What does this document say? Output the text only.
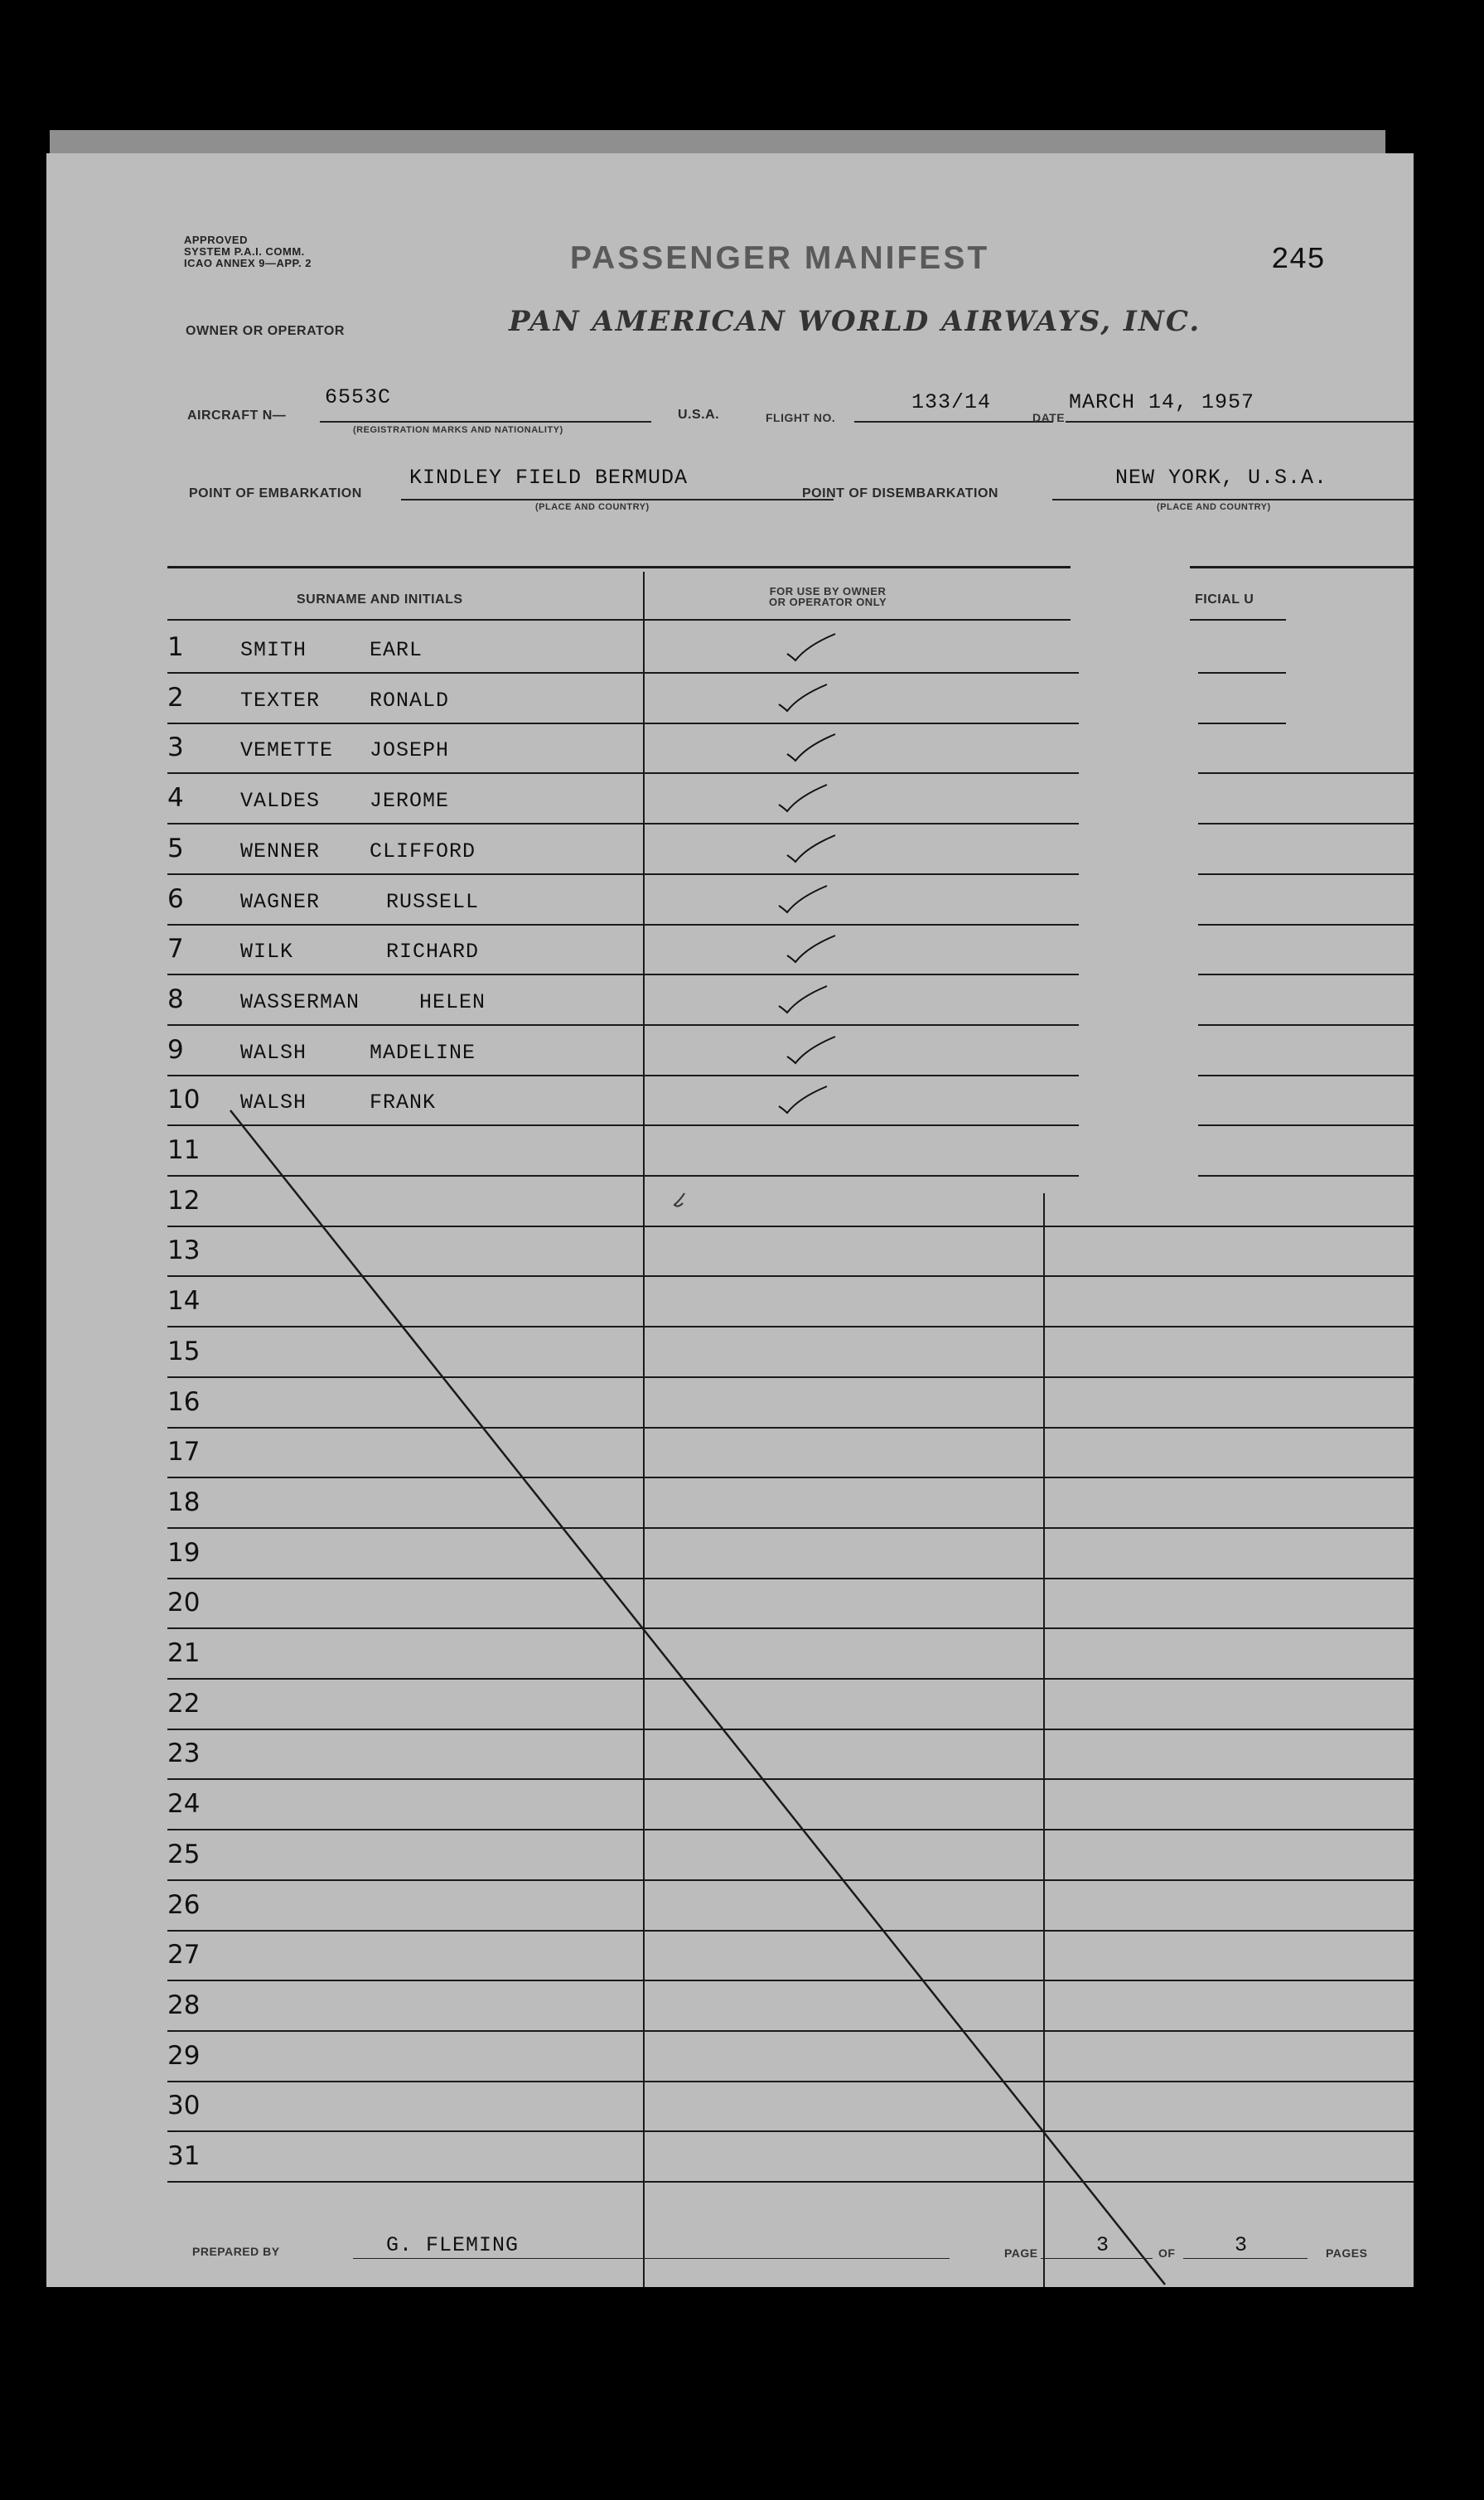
APPROVED
SYSTEM P.A.I. COMM.
ICAO ANNEX 9—APP. 2	PASSENGER MANIFEST	245
OWNER OR OPERATOR	PAN AMERICAN WORLD AIRWAYS, INC.
AIRCRAFT N—
6553C
(REGISTRATION MARKS AND NATIONALITY)
U.S.A.	FLIGHT NO.
133/14
DATE
MARCH 14, 1957
POINT OF EMBARKATION
KINDLEY FIELD BERMUDA
(PLACE AND COUNTRY)
POINT OF DISEMBARKATION
NEW YORK, U.S.A.
(PLACE AND COUNTRY)
SURNAME AND INITIALS
FOR USE BY OWNER
OR OPERATOR ONLY	FICIAL U
1	SMITH	EARL
2	TEXTER RONALD
3	VEMETTE JOSEPH
4	VALDES JEROME
5	WENNER CLIFFORD
6	WAGNER	RUSSELL
7	WILK	RICHARD
8	WASSERMAN	HELEN
9	WALSH	MADELINE
10 WALSH	FRANK
11
12
13
14
15
16
17
18
19
20
21
22
23
24
25
26
27
28
29
30
31
PREPARED BY	G. FLEMING	PAGE	3	OF	3	PAGES
